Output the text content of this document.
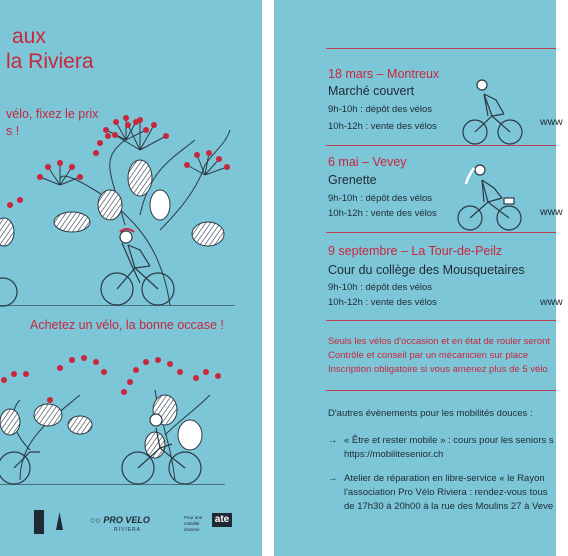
aux
la Riviera
vélo, fixez le prix
s !
Achetez un vélo, la bonne occase !
○○ PRO VELO
RIVIERA
Pour une mobilité d'avenir
ate
18 mars – Montreux
Marché couvert
9h-10h : dépôt des vélos
10h-12h : vente des vélos	www
6 mai – Vevey
Grenette
9h-10h : dépôt des vélos
10h-12h : vente des vélos	www
9 septembre – La Tour-de-Peilz
Cour du collège des Mousquetaires
9h-10h : dépôt des vélos
10h-12h : vente des vélos	www
Seuls les vélos d'occasion et en état de rouler seront
Contrôle et conseil par un mécanicien sur place
Inscription obligatoire si vous amenez plus de 5 vélo
D'autres évènements pour les mobilités douces :
→ « Être et rester mobile » : cours pour les seniors s
https://mobilitesenior.ch
→ Atelier de réparation en libre-service « le Rayon
l'association Pro Vélo Riviera : rendez-vous tous
de 17h30 à 20h00 à la rue des Moulins 27 à Veve
